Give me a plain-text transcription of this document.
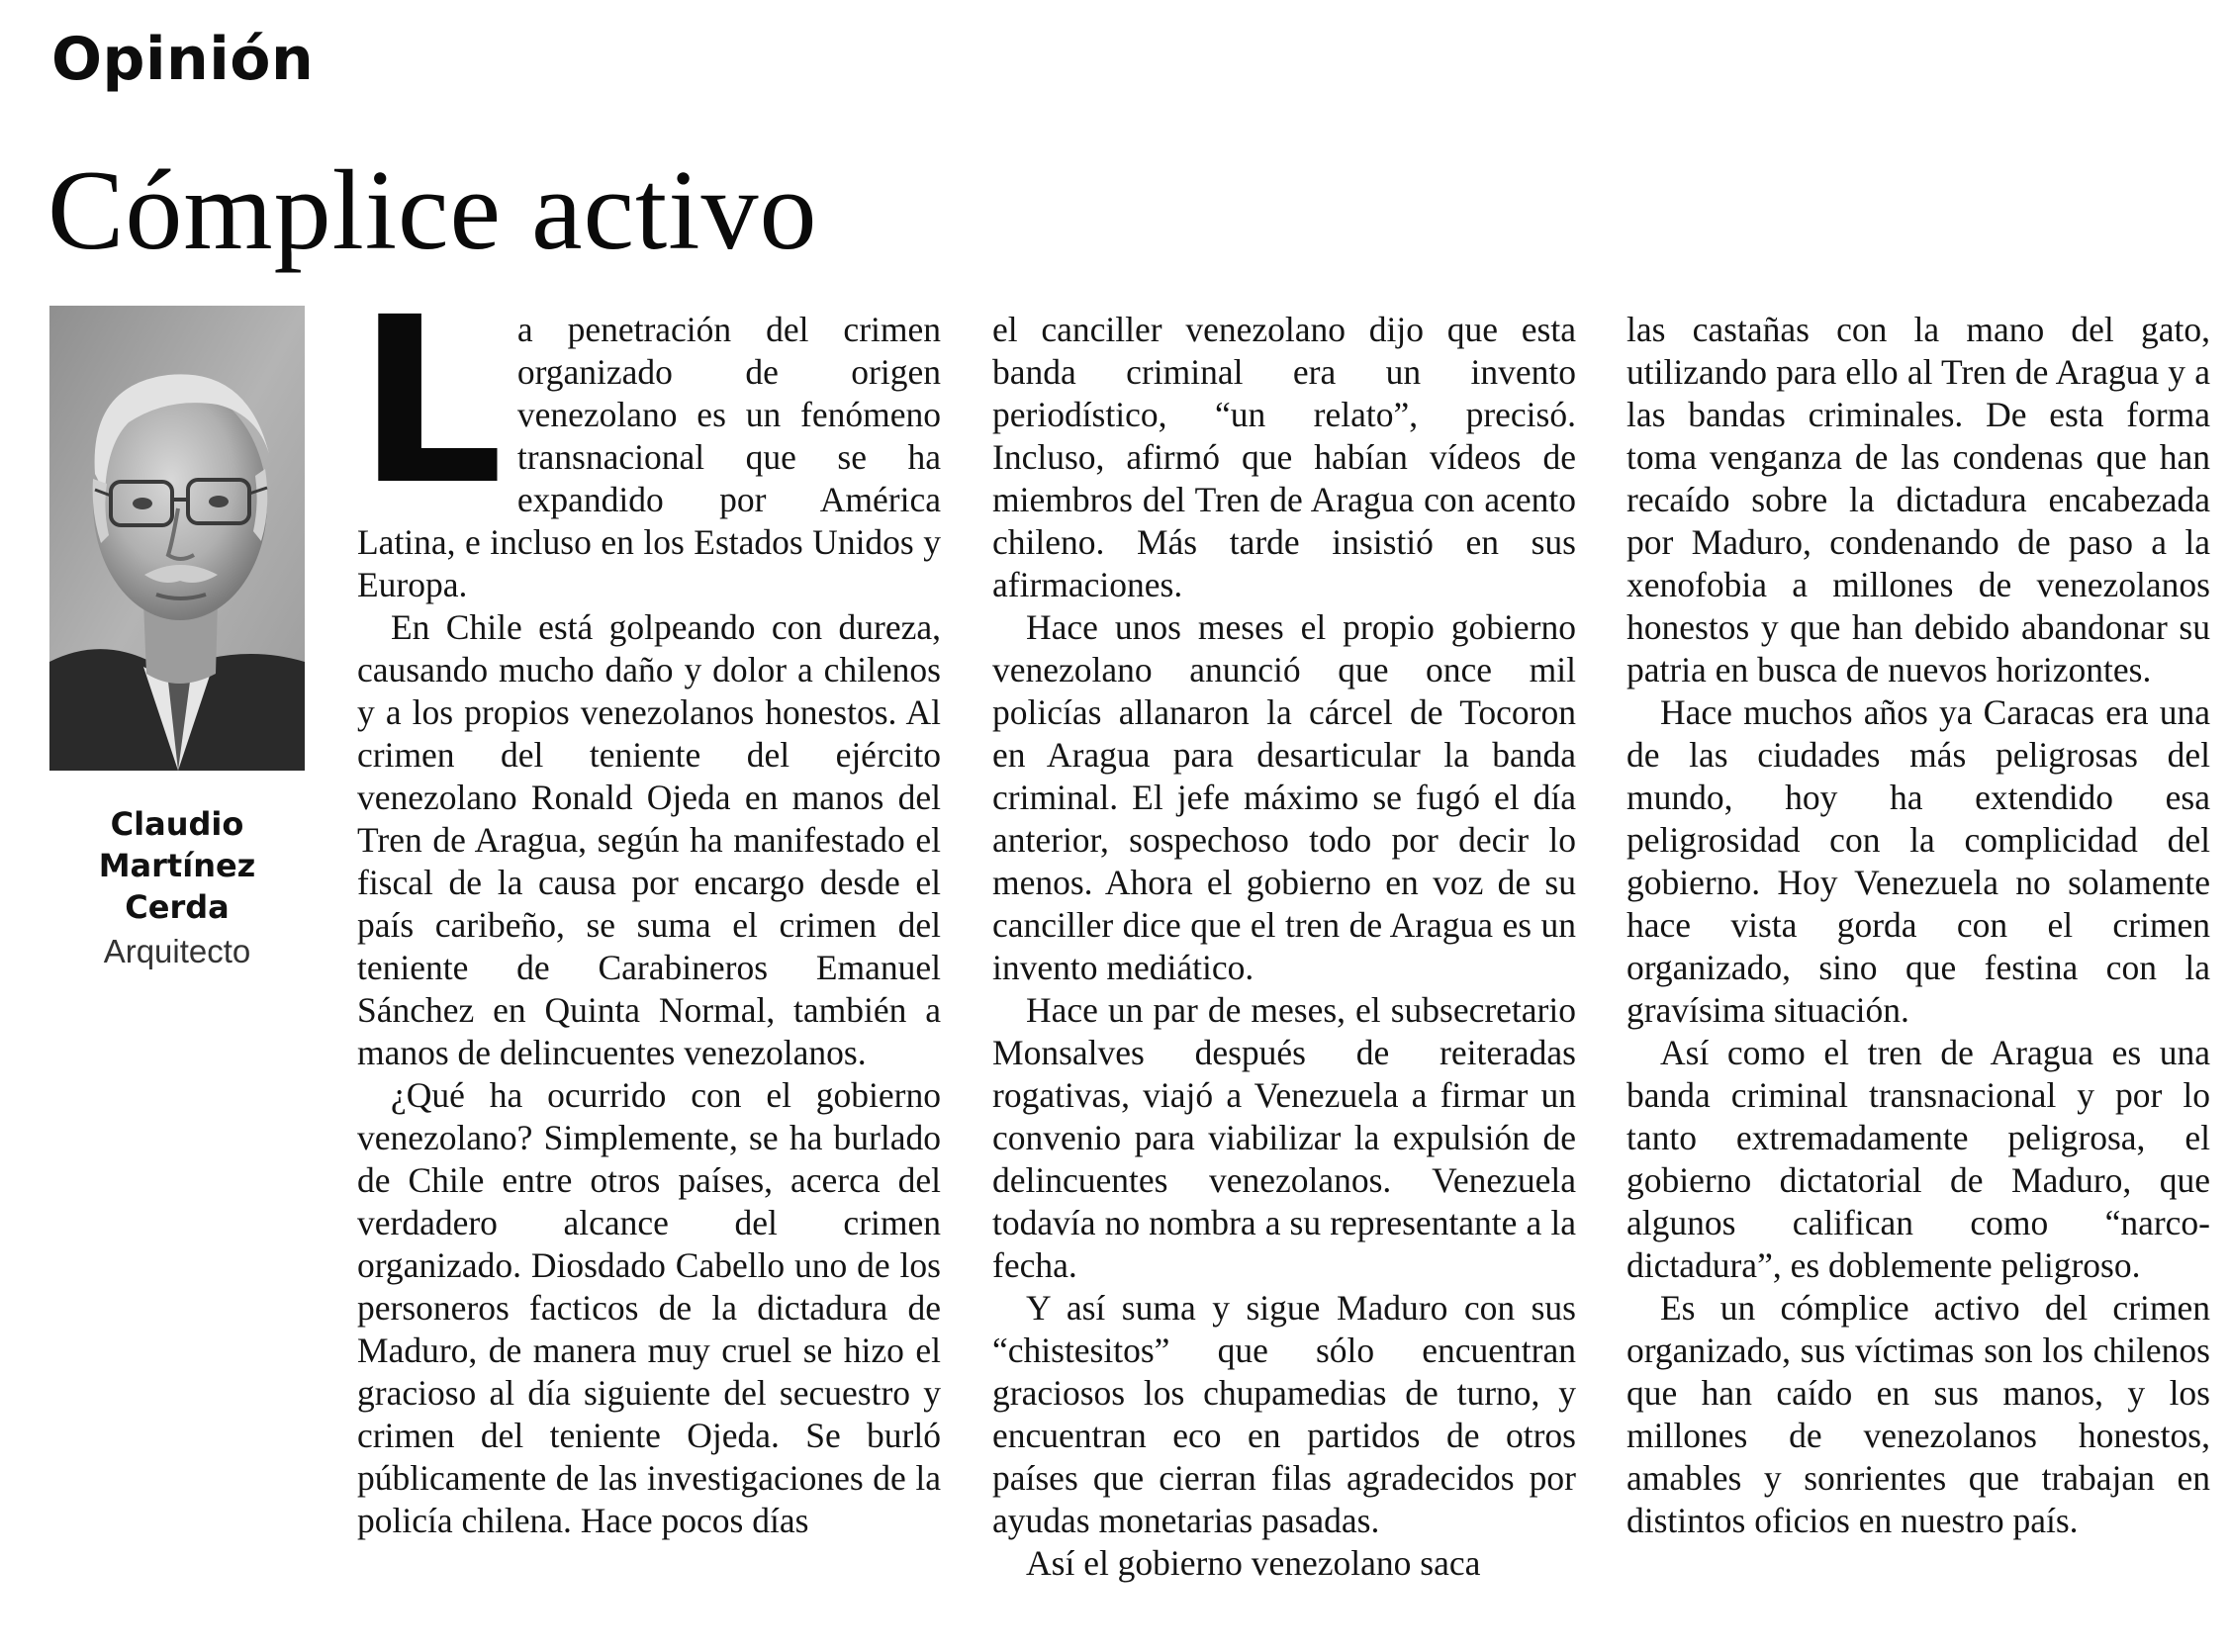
Opinión
Cómplice activo
Claudio
Martínez
Cerda
Arquitecto

La penetración del crimen organizado de origen venezolano es un fenómeno transnacional que se ha expandido por América Latina, e incluso en los Estados Unidos y Europa.

En Chile está golpeando con dureza, causando mucho daño y dolor a chilenos y a los propios venezolanos honestos. Al crimen del teniente del ejército venezolano Ronald Ojeda en manos del Tren de Aragua, según ha manifestado el fiscal de la causa por encargo desde el país caribeño, se suma el crimen del teniente de Carabineros Emanuel Sánchez en Quinta Normal, también a manos de delincuentes venezolanos.

¿Qué ha ocurrido con el gobierno venezolano? Simplemente, se ha burlado de Chile entre otros países, acerca del verdadero alcance del crimen organizado. Diosdado Cabello uno de los personeros facticos de la dictadura de Maduro, de manera muy cruel se hizo el gracioso al día siguiente del secuestro y crimen del teniente Ojeda. Se burló públicamente de las investigaciones de la policía chilena. Hace pocos días

el canciller venezolano dijo que esta banda criminal era un invento periodístico, “un relato”, precisó. Incluso, afirmó que habían vídeos de miembros del Tren de Aragua con acento chileno. Más tarde insistió en sus afirmaciones.

Hace unos meses el propio gobierno venezolano anunció que once mil policías allanaron la cárcel de Tocoron en Aragua para desarticular la banda criminal. El jefe máximo se fugó el día anterior, sospechoso todo por decir lo menos. Ahora el gobierno en voz de su canciller dice que el tren de Aragua es un invento mediático.

Hace un par de meses, el subsecretario Monsalves después de reiteradas rogativas, viajó a Venezuela a firmar un convenio para viabilizar la expulsión de delincuentes venezolanos. Venezuela todavía no nombra a su representante a la fecha.

Y así suma y sigue Maduro con sus “chistesitos” que sólo encuentran graciosos los chupamedias de turno, y encuentran eco en partidos de otros países que cierran filas agradecidos por ayudas monetarias pasadas.

Así el gobierno venezolano saca

las castañas con la mano del gato, utilizando para ello al Tren de Aragua y a las bandas criminales. De esta forma toma venganza de las condenas que han recaído sobre la dictadura encabezada por Maduro, condenando de paso a la xenofobia a millones de venezolanos honestos y que han debido abandonar su patria en busca de nuevos horizontes.

Hace muchos años ya Caracas era una de las ciudades más peligrosas del mundo, hoy ha extendido esa peligrosidad con la complicidad del gobierno. Hoy Venezuela no solamente hace vista gorda con el crimen organizado, sino que festina con la gravísima situación.

Así como el tren de Aragua es una banda criminal transnacional y por lo tanto extremadamente peligrosa, el gobierno dictatorial de Maduro, que algunos califican como “narco-dictadura”, es doblemente peligroso.

Es un cómplice activo del crimen organizado, sus víctimas son los chilenos que han caído en sus manos, y los millones de venezolanos honestos, amables y sonrientes que trabajan en distintos oficios en nuestro país.
